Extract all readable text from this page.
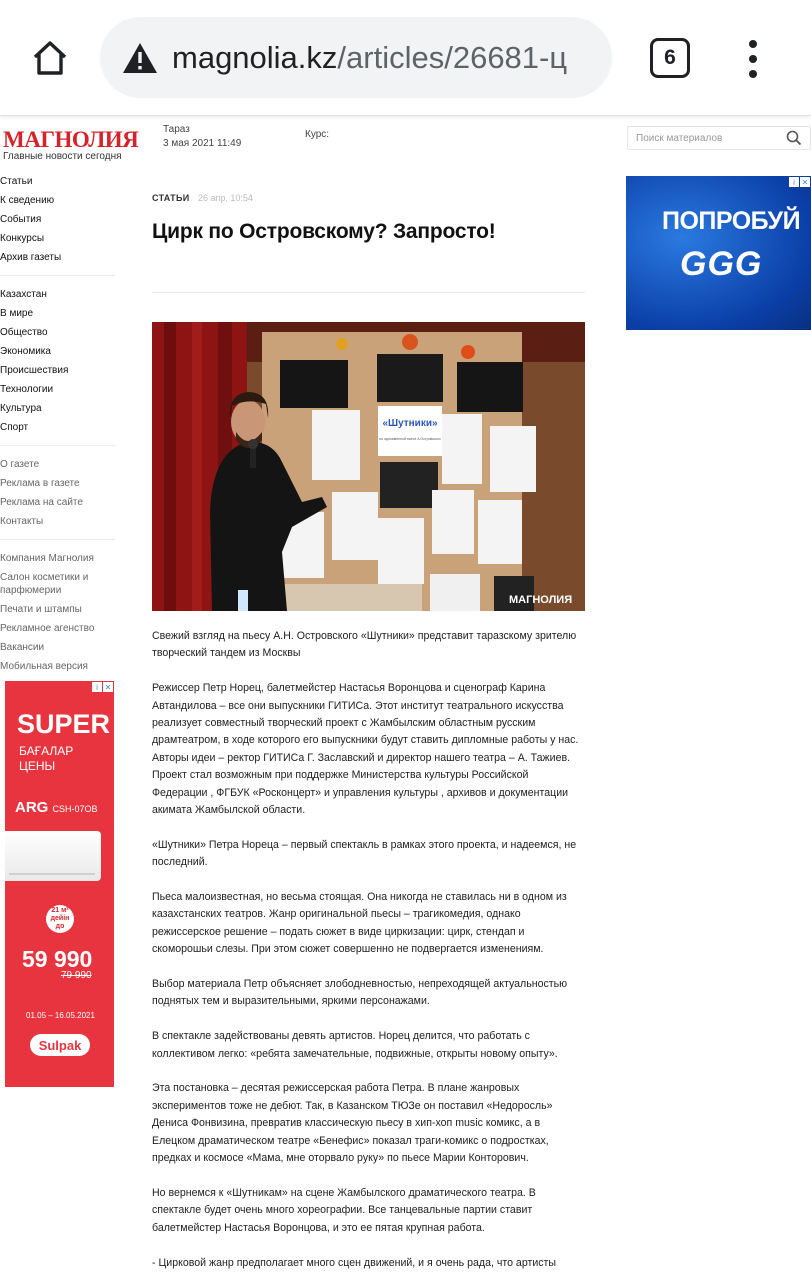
magnolia.kz/articles/26681-ц	6
МАГНОЛИЯ
Главные новости сегодня
Тараз
3 мая 2021 11:49
Курс:	Поиск материалов
Статьи
К сведению
События
Конкурсы
Архив газеты
Казахстан
В мире
Общество
Экономика
Происшествия
Технологии
Культура
Спорт
О газете
Реклама в газете
Реклама на сайте
Контакты
Компания Магнолия
Салон косметики и парфюмерии
Печати и штампы
Рекламное агенство
Вакансии
Мобильная версия
i ✕
SUPER
БАҒАЛАР ЦЕНЫ
ARG CSH-07OB
21 м² дейін до
59 990
79 990
01.05 – 16.05.2021
Sulpak
i ✕
ПОПРОБУЙ
GGG
СТАТЬИ 26 апр, 10:54
Цирк по Островскому? Запросто!
МАГНОЛИЯ
«Шутники»
по одноимённой пьесе А.Островского

Свежий взгляд на пьесу А.Н. Островского «Шутники» представит таразскому зрителю творческий тандем из Москвы

Режиссер Петр Норец, балетмейстер Настасья Воронцова и сценограф Карина Автандилова – все они выпускники ГИТИСа. Этот институт театрального искусства реализует совместный творческий проект с Жамбылским областным русским драмтеатром, в ходе которого его выпускники будут ставить дипломные работы у нас. Авторы идеи – ректор ГИТИСа Г. Заславский и директор нашего театра – А. Тажиев. Проект стал возможным при поддержке Министерства культуры Российской Федерации , ФГБУК «Росконцерт» и управления культуры , архивов и документации акимата Жамбылской области.

«Шутники» Петра Нореца – первый спектакль в рамках этого проекта, и надеемся, не последний.

Пьеса малоизвестная, но весьма стоящая. Она никогда не ставилась ни в одном из казахстанских театров. Жанр оригинальной пьесы – трагикомедия, однако режиссерское решение – подать сюжет в виде циркизации: цирк, стендап и скоморошьи слезы. При этом сюжет совершенно не подвергается изменениям.

Выбор материала Петр объясняет злободневностью, непреходящей актуальностью поднятых тем и выразительными, яркими персонажами.

В спектакле задействованы девять артистов. Норец делится, что работать с коллективом легко: «ребята замечательные, подвижные, открыты новому опыту».

Эта постановка – десятая режиссерская работа Петра. В плане жанровых экспериментов тоже не дебют. Так, в Казанском ТЮЗе он поставил «Недоросль» Дениса Фонвизина, превратив классическую пьесу в хип-хоп music комикс, а в Елецком драматическом театре «Бенефис» показал траги-комикс о подростках, предках и космосе «Мама, мне оторвало руку» по пьесе Марии Конторович.

Но вернемся к «Шутникам» на сцене Жамбылского драматического театра. В спектакле будет очень много хореографии. Все танцевальные партии ставит балетмейстер Настасья Воронцова, и это ее пятая крупная работа.

- Цирковой жанр предполагает много сцен движений, и я очень рада, что артисты
